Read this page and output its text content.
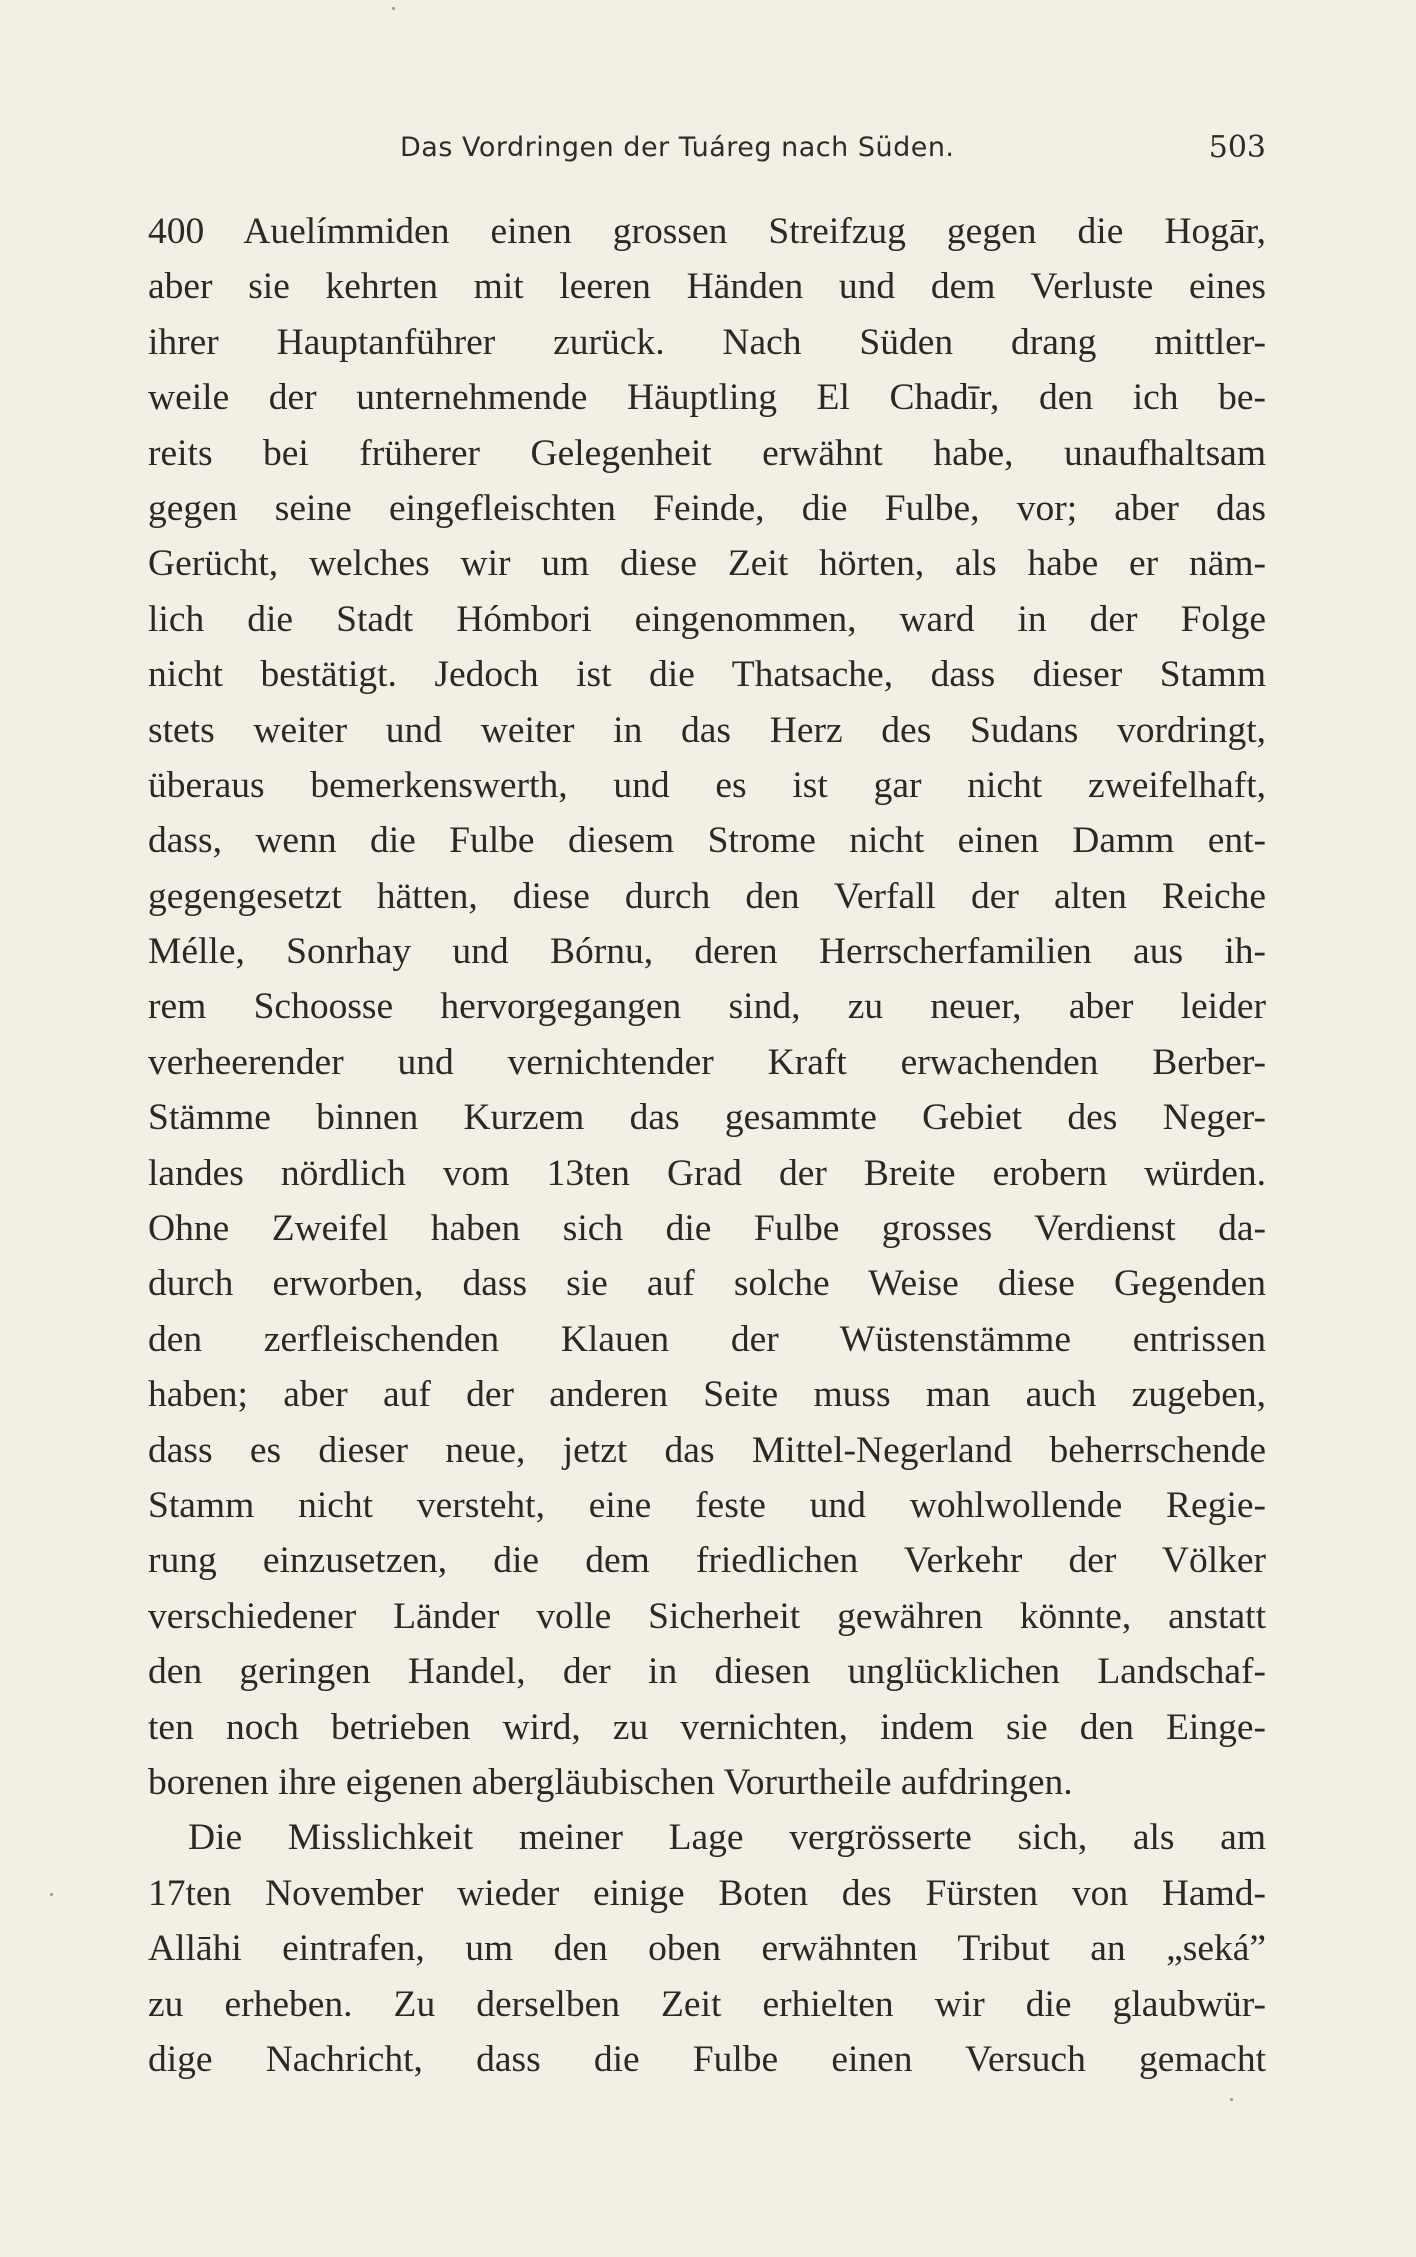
Das Vordringen der Tuáreg nach Süden.	503
400 Auelímmiden einen grossen Streifzug gegen die Hogār,
aber sie kehrten mit leeren Händen und dem Verluste eines
ihrer Hauptanführer zurück. Nach Süden drang mittler-
weile der unternehmende Häuptling El Chadīr, den ich be-
reits bei früherer Gelegenheit erwähnt habe, unaufhaltsam
gegen seine eingefleischten Feinde, die Fulbe, vor; aber das
Gerücht, welches wir um diese Zeit hörten, als habe er näm-
lich die Stadt Hómbori eingenommen, ward in der Folge
nicht bestätigt. Jedoch ist die Thatsache, dass dieser Stamm
stets weiter und weiter in das Herz des Sudans vordringt,
überaus bemerkenswerth, und es ist gar nicht zweifelhaft,
dass, wenn die Fulbe diesem Strome nicht einen Damm ent-
gegengesetzt hätten, diese durch den Verfall der alten Reiche
Mélle, Sonrhay und Bórnu, deren Herrscherfamilien aus ih-
rem Schoosse hervorgegangen sind, zu neuer, aber leider
verheerender und vernichtender Kraft erwachenden Berber-
Stämme binnen Kurzem das gesammte Gebiet des Neger-
landes nördlich vom 13ten Grad der Breite erobern würden.
Ohne Zweifel haben sich die Fulbe grosses Verdienst da-
durch erworben, dass sie auf solche Weise diese Gegenden
den zerfleischenden Klauen der Wüstenstämme entrissen
haben; aber auf der anderen Seite muss man auch zugeben,
dass es dieser neue, jetzt das Mittel-Negerland beherrschende
Stamm nicht versteht, eine feste und wohlwollende Regie-
rung einzusetzen, die dem friedlichen Verkehr der Völker
verschiedener Länder volle Sicherheit gewähren könnte, anstatt
den geringen Handel, der in diesen unglücklichen Landschaf-
ten noch betrieben wird, zu vernichten, indem sie den Einge-
borenen ihre eigenen abergläubischen Vorurtheile aufdringen.
Die Misslichkeit meiner Lage vergrösserte sich, als am
17ten November wieder einige Boten des Fürsten von Hamd-
Allāhi eintrafen, um den oben erwähnten Tribut an „seká”
zu erheben. Zu derselben Zeit erhielten wir die glaubwür-
dige Nachricht, dass die Fulbe einen Versuch gemacht
